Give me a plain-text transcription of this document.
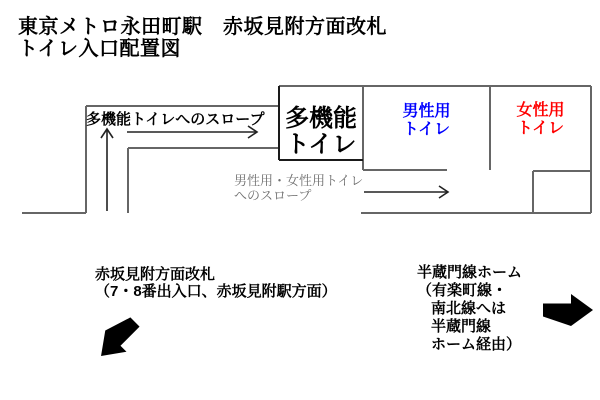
東京メトロ永田町駅　赤坂見附方面改札
トイレ入口配置図
多機能トイレへのスロープ 多機能
トイレ
男性用
トイレ
女性用
トイレ
男性用・女性用トイレ
へのスロープ
赤坂見附方面改札
（7・8番出入口、赤坂見附駅方面）
半蔵門線ホーム
（有楽町線・
南北線へは
半蔵門線
ホーム経由）
